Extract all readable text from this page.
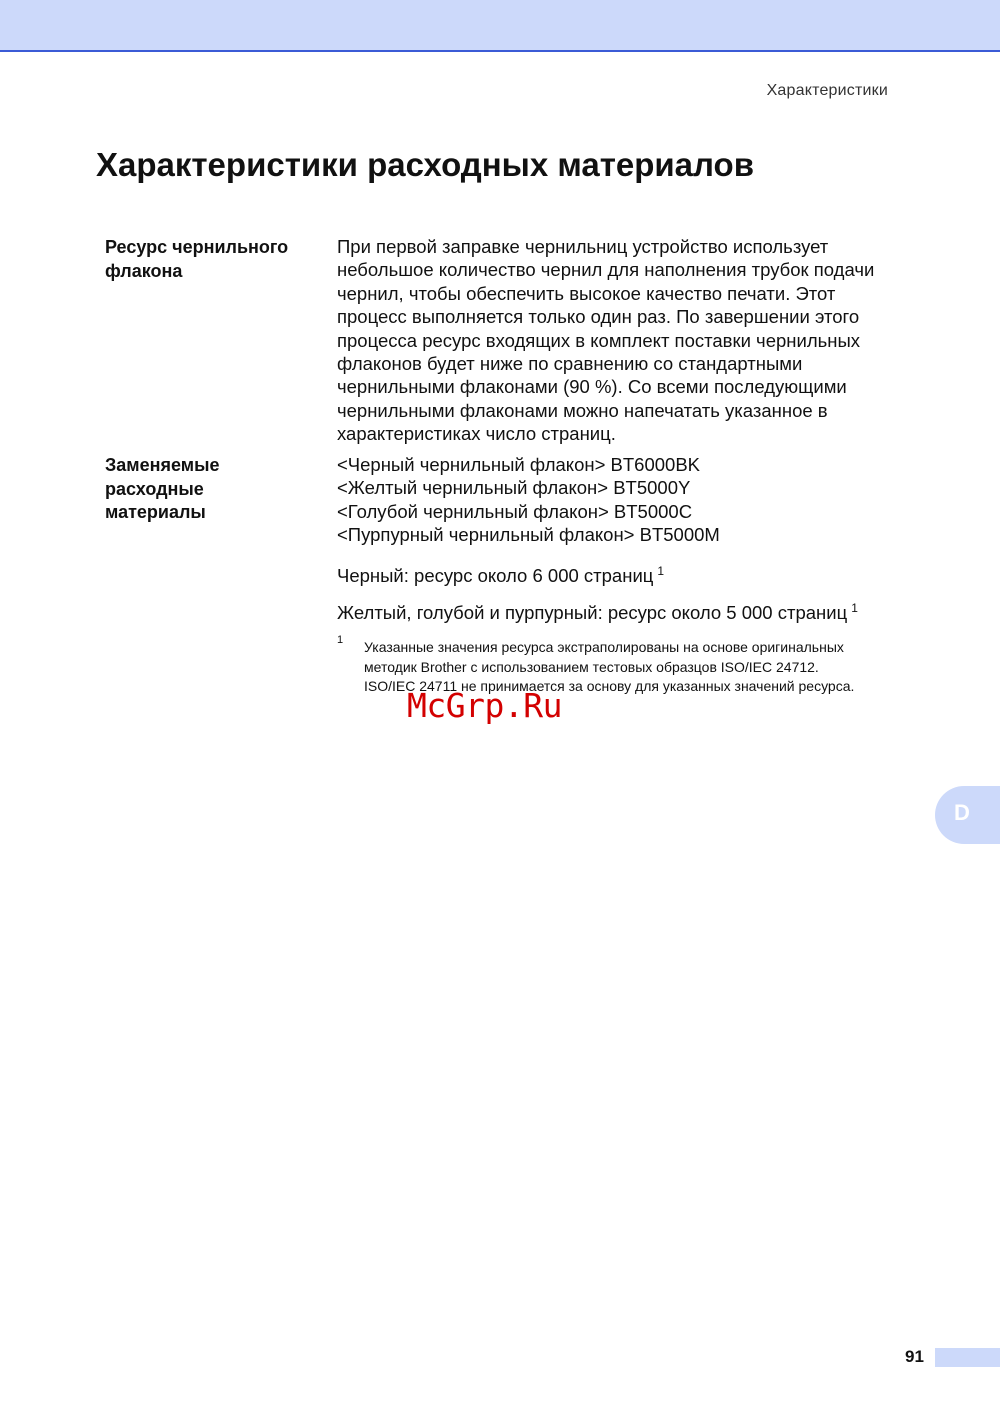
Характеристики
Характеристики расходных материалов
Ресурс чернильного
флакона
При первой заправке чернильниц устройство использует
небольшое количество чернил для наполнения трубок подачи
чернил, чтобы обеспечить высокое качество печати. Этот
процесс выполняется только один раз. По завершении этого
процесса ресурс входящих в комплект поставки чернильных
флаконов будет ниже по сравнению со стандартными
чернильными флаконами (90 %). Со всеми последующими
чернильными флаконами можно напечатать указанное в
характеристиках число страниц.
Заменяемые
расходные
материалы
<Черный чернильный флакон> BT6000BK
<Желтый чернильный флакон> BT5000Y
<Голубой чернильный флакон> BT5000C
<Пурпурный чернильный флакон> BT5000M
Черный: ресурс около 6 000 страниц $^1$
Желтый, голубой и пурпурный: ресурс около 5 000 страниц $^1$
1 Указанные значения ресурса экстраполированы на основе оригинальных
методик Brother с использованием тестовых образцов ISO/IEC 24712.
ISO/IEC 24711 не принимается за основу для указанных значений ресурса.
McGrp.Ru
D
91
